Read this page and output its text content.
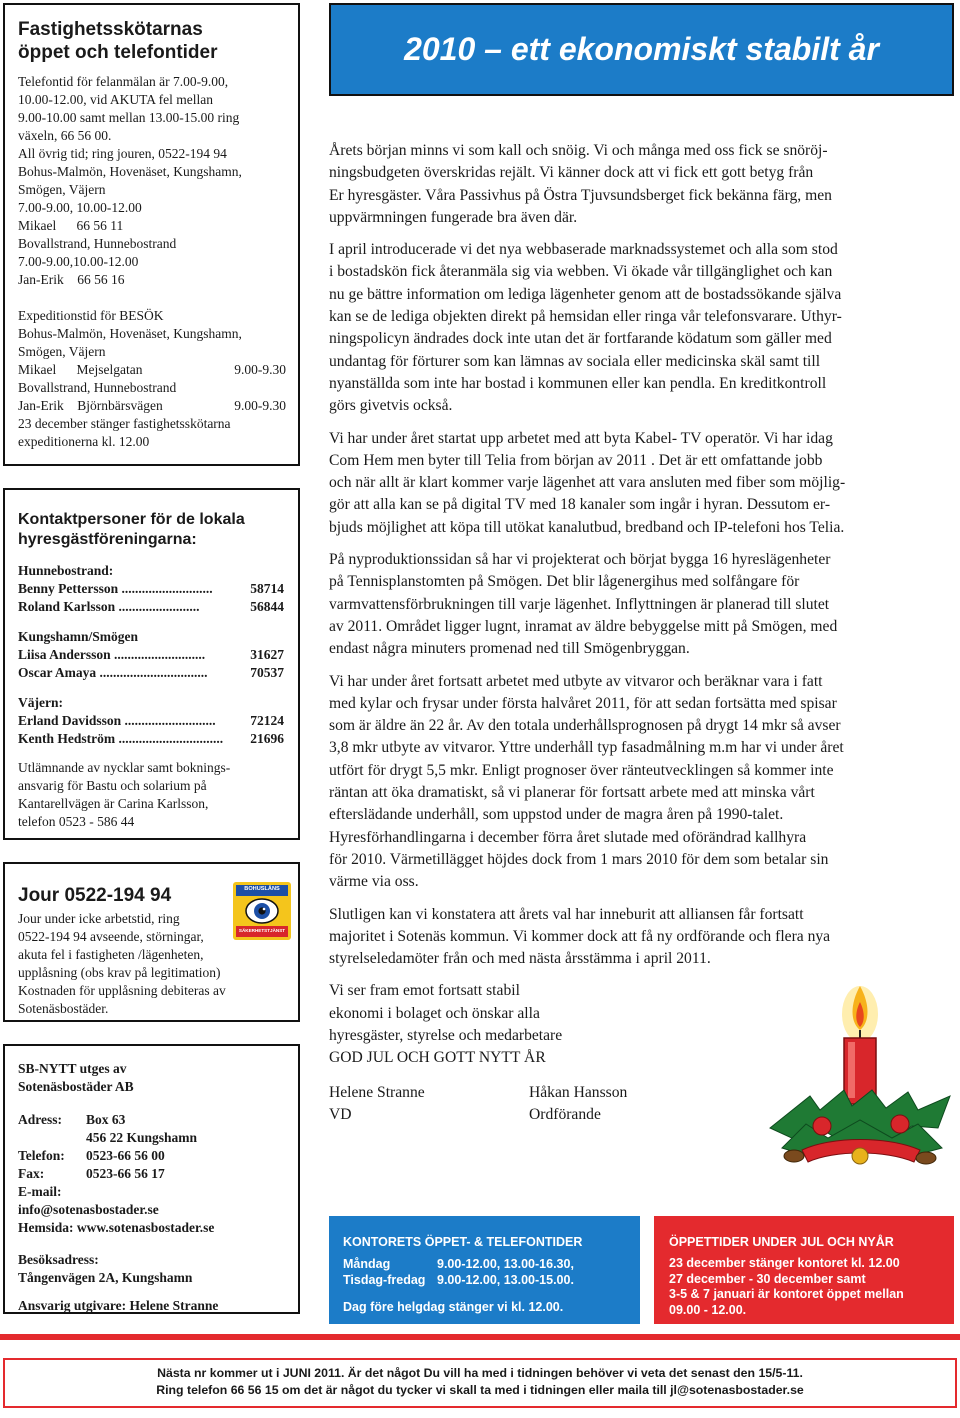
Fastighetsskötarnas
öppet och telefontider
Telefontid för felanmälan är 7.00-9.00,
10.00-12.00, vid AKUTA fel mellan
9.00-10.00 samt mellan 13.00-15.00 ring
växeln, 66 56 00.
All övrig tid; ring jouren, 0522-194 94
Bohus-Malmön, Hovenäset, Kungshamn,
Smögen, Väjern
7.00-9.00, 10.00-12.00
Mikael      66 56 11
Bovallstrand, Hunnebostrand
7.00-9.00,10.00-12.00
Jan-Erik    66 56 16
Expeditionstid för BESÖK
Bohus-Malmön, Hovenäset, Kungshamn,
Smögen, Väjern
Mikael      Mejselgatan	9.00-9.30
Bovallstrand, Hunnebostrand
Jan-Erik    Björnbärsvägen	9.00-9.30
23 december stänger fastighetsskötarna
expeditionerna kl. 12.00
Kontaktpersoner för de lokala
hyresgästföreningarna:
Hunnebostrand:
Benny Pettersson ...........................	58714
Roland Karlsson ........................	56844
Kungshamn/Smögen
Liisa Andersson ...........................	31627
Oscar Amaya ................................	70537
Väjern:
Erland Davidsson ...........................	72124
Kenth Hedström ...............................	21696
Utlämnande av nycklar samt boknings-
ansvarig för Bastu och solarium på
Kantarellvägen är Carina Karlsson,
telefon 0523 - 586 44
Jour 0522-194 94
Jour under icke arbetstid, ring
0522-194 94 avseende, störningar,
akuta fel i fastigheten /lägenheten,
upplåsning (obs krav på legitimation)
Kostnaden för upplåsning debiteras av
Sotenäsbostäder.
BOHUSLÄNS
SÄKERHETSTJÄNST
SB-NYTT utges av
Sotenäsbostäder AB
Adress:	Box 63
456 22 Kungshamn
Telefon:	0523-66 56 00
Fax:	0523-66 56 17
E-mail:
info@sotenasbostader.se
Hemsida: www.sotenasbostader.se
Besöksadress:
Tångenvägen 2A, Kungshamn
Ansvarig utgivare: Helene Stranne
2010 – ett ekonomiskt stabilt år

Årets början minns vi som kall och snöig. Vi och många med oss fick se snöröj-
ningsbudgeten överskridas rejält. Vi känner dock att vi fick ett gott betyg från
Er hyresgäster. Våra Passivhus på Östra Tjuvsundsberget fick bekänna färg, men
uppvärmningen fungerade bra även där.

I april introducerade vi det nya webbaserade marknadssystemet och alla som stod
i bostadskön fick återanmäla sig via webben. Vi ökade vår tillgänglighet och kan
nu ge bättre information om lediga lägenheter genom att de bostadssökande själva
kan se de lediga objekten direkt på hemsidan eller ringa vår telefonsvarare. Uthyr-
ningspolicyn ändrades dock inte utan det är fortfarande ködatum som gäller med
undantag för förturer som kan lämnas av sociala eller medicinska skäl samt till
nyanställda som inte har bostad i kommunen eller kan pendla. En kreditkontroll
görs givetvis också.

Vi har under året startat upp arbetet med att byta Kabel- TV operatör. Vi har idag
Com Hem men byter till Telia from början av 2011 . Det är ett omfattande jobb
och när allt är klart kommer varje lägenhet att vara ansluten med fiber som möjlig-
gör att alla kan se på digital TV med 18 kanaler som ingår i hyran. Dessutom er-
bjuds möjlighet att köpa till utökat kanalutbud, bredband och IP-telefoni hos Telia.

På nyproduktionssidan så har vi projekterat och börjat bygga 16 hyreslägenheter
på Tennisplanstomten på Smögen. Det blir lågenergihus med solfångare för
varmvattensförbrukningen till varje lägenhet. Inflyttningen är planerad till slutet
av 2011. Området ligger lugnt, inramat av äldre bebyggelse mitt på Smögen, med
endast några minuters promenad ned till Smögenbryggan.

Vi har under året fortsatt arbetet med utbyte av vitvaror och beräknar vara i fatt
med kylar och frysar under första halvåret 2011, för att sedan fortsätta med spisar
som är äldre än 22 år. Av den totala underhållsprognosen på drygt 14 mkr så avser
3,8 mkr utbyte av vitvaror. Yttre underhåll typ fasadmålning m.m har vi under året
utfört för drygt 5,5 mkr. Enligt prognoser över ränteutvecklingen så kommer inte
räntan att öka dramatiskt, så vi planerar för fortsatt arbete med att minska vårt
efterslädande underhåll, som uppstod under de magra åren på 1990-talet.
Hyresförhandlingarna i december förra året slutade med oförändrad kallhyra
för 2010. Värmetillägget höjdes dock from 1 mars 2010 för dem som betalar sin
värme via oss.

Slutligen kan vi konstatera att årets val har inneburit att alliansen får fortsatt
majoritet i Sotenäs kommun. Vi kommer dock att få ny ordförande och flera nya
styrelseledamöter från och med nästa årsstämma i april 2011.

Vi ser fram emot fortsatt stabil
ekonomi i bolaget och önskar alla
hyresgäster, styrelse och medarbetare
GOD JUL OCH GOTT NYTT ÅR

Helene Stranne
VD

Håkan Hansson
Ordförande

KONTORETS ÖPPET- & TELEFONTIDER
Måndag	9.00-12.00, 13.00-16.30,
Tisdag-fredag 9.00-12.00, 13.00-15.00.
Dag före helgdag stänger vi kl. 12.00.
ÖPPETTIDER UNDER JUL OCH NYÅR
23 december stänger kontoret kl. 12.00
27 december - 30 december samt
3-5 & 7 januari är kontoret öppet mellan
09.00 - 12.00.
Nästa nr kommer ut i JUNI 2011. Är det något Du vill ha med i tidningen behöver vi veta det senast den 15/5-11.
Ring telefon 66 56 15 om det är något du tycker vi skall ta med i tidningen eller maila till jl@sotenasbostader.se
